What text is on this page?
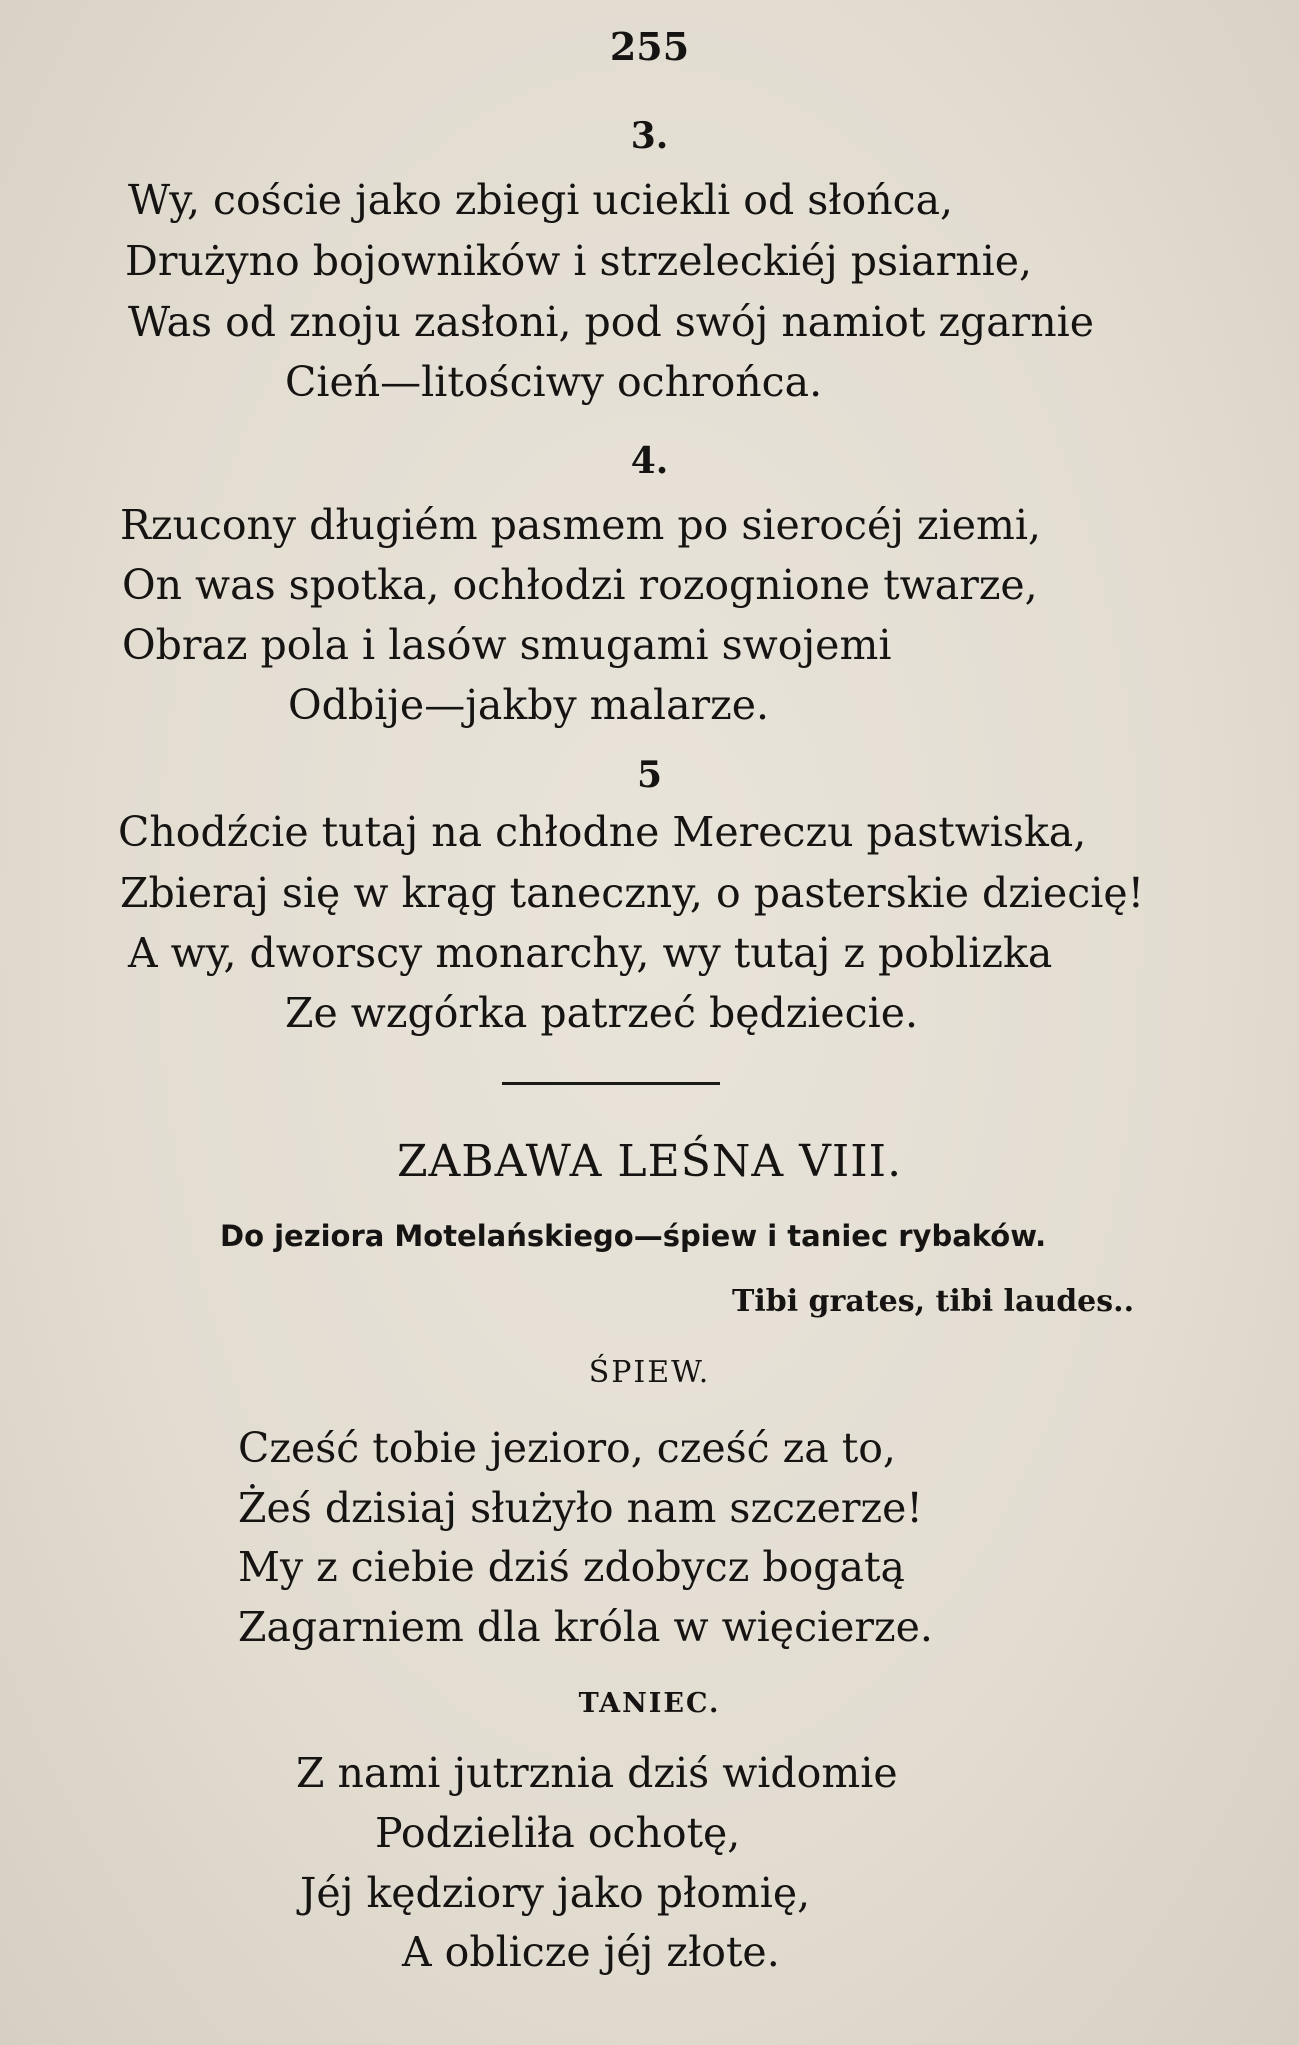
255
3.
Wy, coście jako zbiegi uciekli od słońca,
Drużyno bojowników i strzeleckiéj psiarnie,
Was od znoju zasłoni, pod swój namiot zgarnie
Cień—litościwy ochrońca.
4.
Rzucony długiém pasmem po sierocéj ziemi,
On was spotka, ochłodzi rozognione twarze,
Obraz pola i lasów smugami swojemi
Odbije—jakby malarze.
5
Chodźcie tutaj na chłodne Mereczu pastwiska,
Zbieraj się w krąg taneczny, o pasterskie dziecię!
A wy, dworscy monarchy, wy tutaj z poblizka
Ze wzgórka patrzeć będziecie.
ZABAWA LEŚNA VIII.
Do jeziora Motelańskiego—śpiew i taniec rybaków.
Tibi grates, tibi laudes..
ŚPIEW.
Cześć tobie jezioro, cześć za to,
Żeś dzisiaj służyło nam szczerze!
My z ciebie dziś zdobycz bogatą
Zagarniem dla króla w więcierze.
TANIEC.
Z nami jutrznia dziś widomie
Podzieliła ochotę,
Jéj kędziory jako płomię,
A oblicze jéj złote.
